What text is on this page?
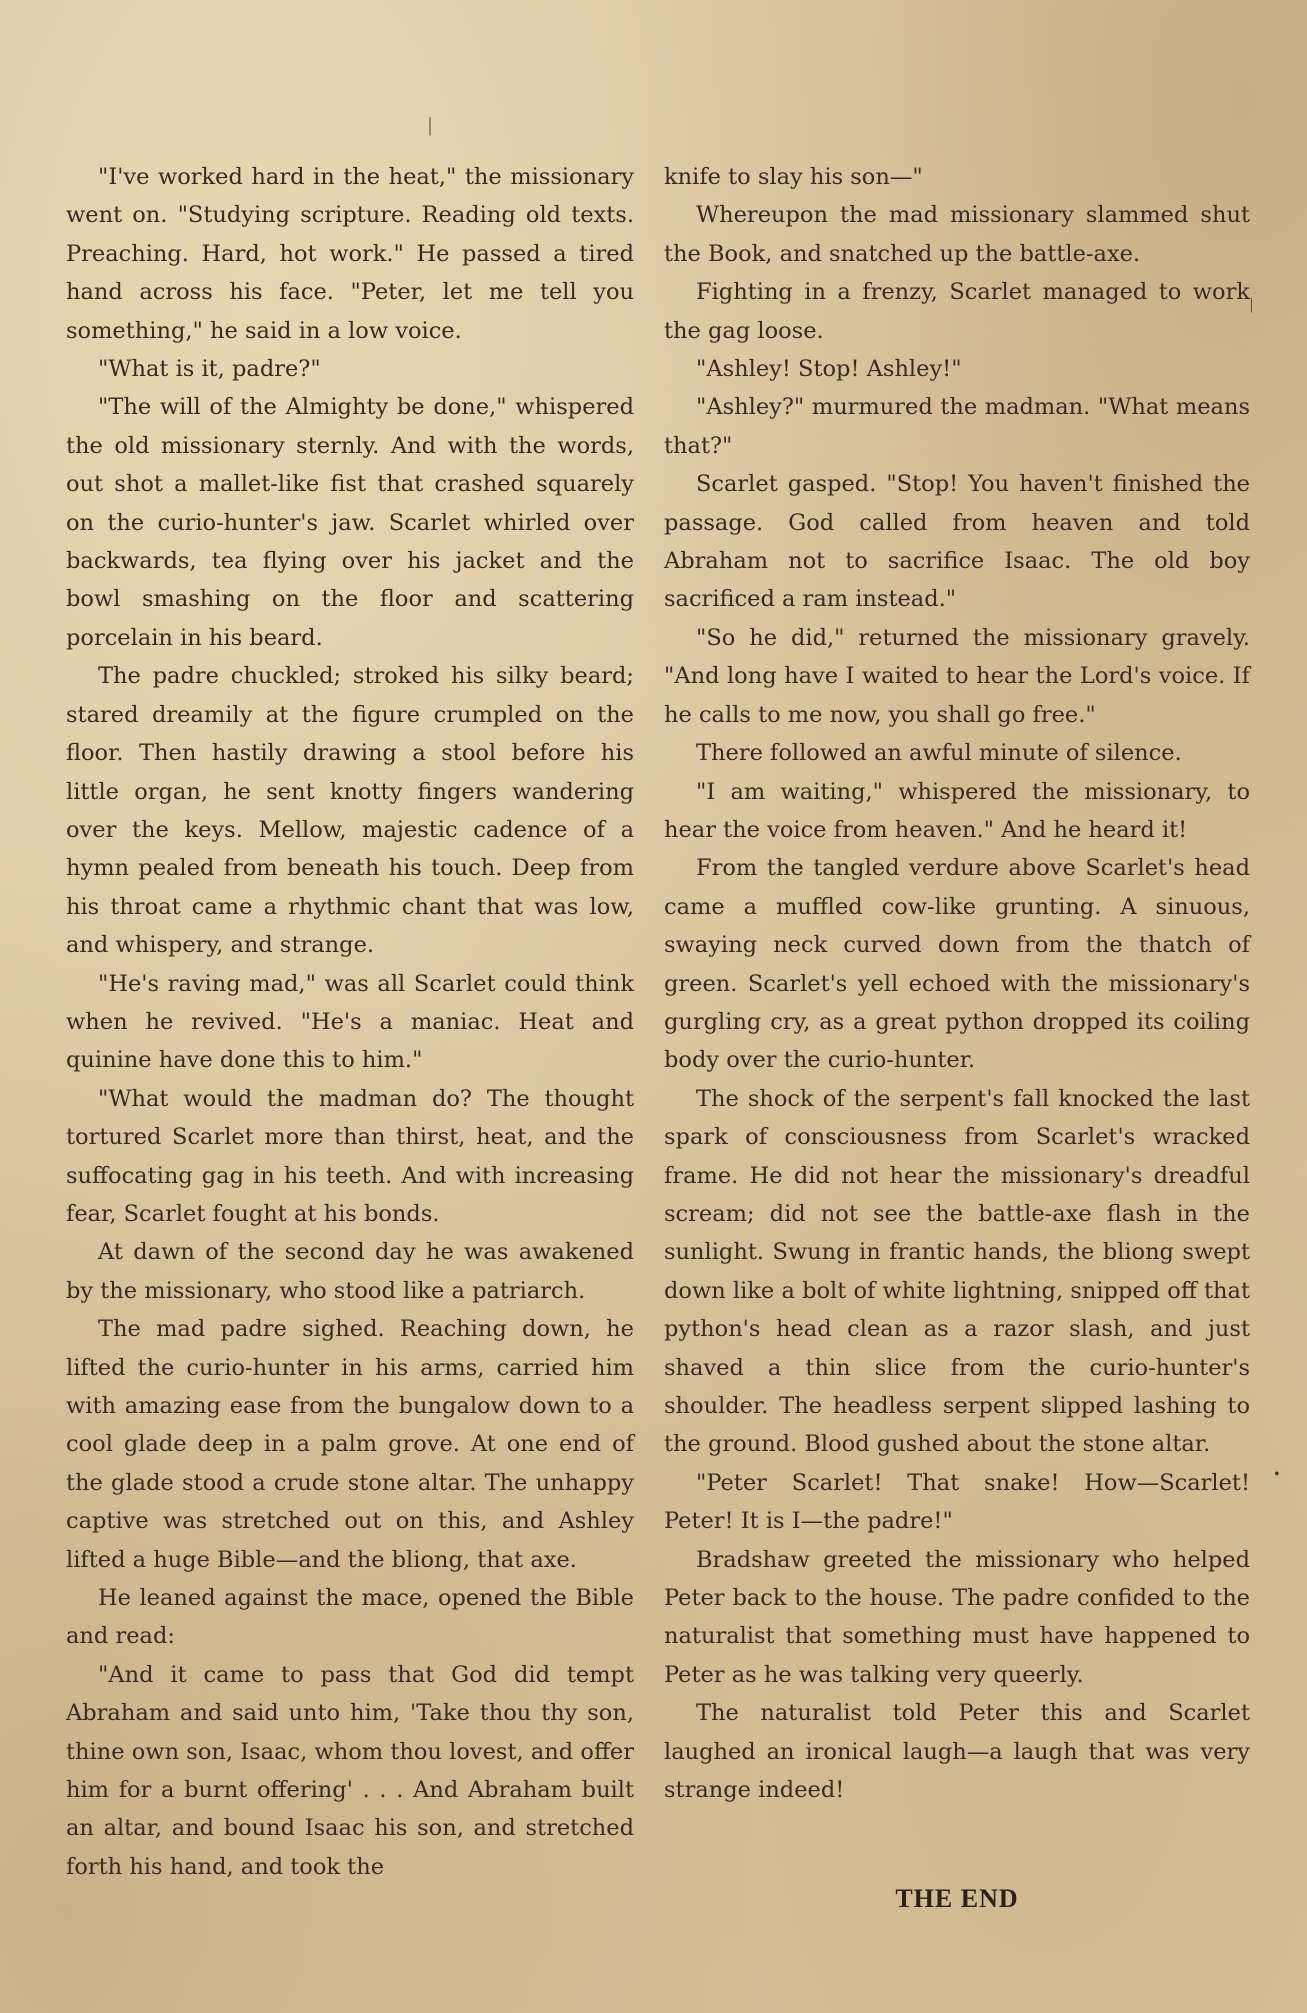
|
|
•

"I've worked hard in the heat," the missionary went on. "Studying scripture. Reading old texts. Preaching. Hard, hot work." He passed a tired hand across his face. "Peter, let me tell you something," he said in a low voice.

"What is it, padre?"

"The will of the Almighty be done," whispered the old missionary sternly. And with the words, out shot a mallet-like fist that crashed squarely on the curio-hunter's jaw. Scarlet whirled over backwards, tea flying over his jacket and the bowl smashing on the floor and scattering porcelain in his beard.

The padre chuckled; stroked his silky beard; stared dreamily at the figure crumpled on the floor. Then hastily drawing a stool before his little organ, he sent knotty fingers wandering over the keys. Mellow, majestic cadence of a hymn pealed from beneath his touch. Deep from his throat came a rhythmic chant that was low, and whispery, and strange.

"He's raving mad," was all Scarlet could think when he revived. "He's a maniac. Heat and quinine have done this to him."

"What would the madman do? The thought tortured Scarlet more than thirst, heat, and the suffocating gag in his teeth. And with increasing fear, Scarlet fought at his bonds.

At dawn of the second day he was awakened by the missionary, who stood like a patriarch.

The mad padre sighed. Reaching down, he lifted the curio-hunter in his arms, carried him with amazing ease from the bungalow down to a cool glade deep in a palm grove. At one end of the glade stood a crude stone altar. The unhappy captive was stretched out on this, and Ashley lifted a huge Bible—and the bliong, that axe.

He leaned against the mace, opened the Bible and read:

"And it came to pass that God did tempt Abraham and said unto him, 'Take thou thy son, thine own son, Isaac, whom thou lovest, and offer him for a burnt offering' . . . And Abraham built an altar, and bound Isaac his son, and stretched forth his hand, and took the

knife to slay his son—"

Whereupon the mad missionary slammed shut the Book, and snatched up the battle-axe.

Fighting in a frenzy, Scarlet managed to work the gag loose.

"Ashley! Stop! Ashley!"

"Ashley?" murmured the madman. "What means that?"

Scarlet gasped. "Stop! You haven't finished the passage. God called from heaven and told Abraham not to sacrifice Isaac. The old boy sacrificed a ram instead."

"So he did," returned the missionary gravely. "And long have I waited to hear the Lord's voice. If he calls to me now, you shall go free."

There followed an awful minute of silence.

"I am waiting," whispered the missionary, to hear the voice from heaven." And he heard it!

From the tangled verdure above Scarlet's head came a muffled cow-like grunting. A sinuous, swaying neck curved down from the thatch of green. Scarlet's yell echoed with the missionary's gurgling cry, as a great python dropped its coiling body over the curio-hunter.

The shock of the serpent's fall knocked the last spark of consciousness from Scarlet's wracked frame. He did not hear the missionary's dreadful scream; did not see the battle-axe flash in the sunlight. Swung in frantic hands, the bliong swept down like a bolt of white lightning, snipped off that python's head clean as a razor slash, and just shaved a thin slice from the curio-hunter's shoulder. The headless serpent slipped lashing to the ground. Blood gushed about the stone altar.

"Peter Scarlet! That snake! How—Scarlet! Peter! It is I—the padre!"

Bradshaw greeted the missionary who helped Peter back to the house. The padre confided to the naturalist that something must have happened to Peter as he was talking very queerly.

The naturalist told Peter this and Scarlet laughed an ironical laugh—a laugh that was very strange indeed!

THE END
